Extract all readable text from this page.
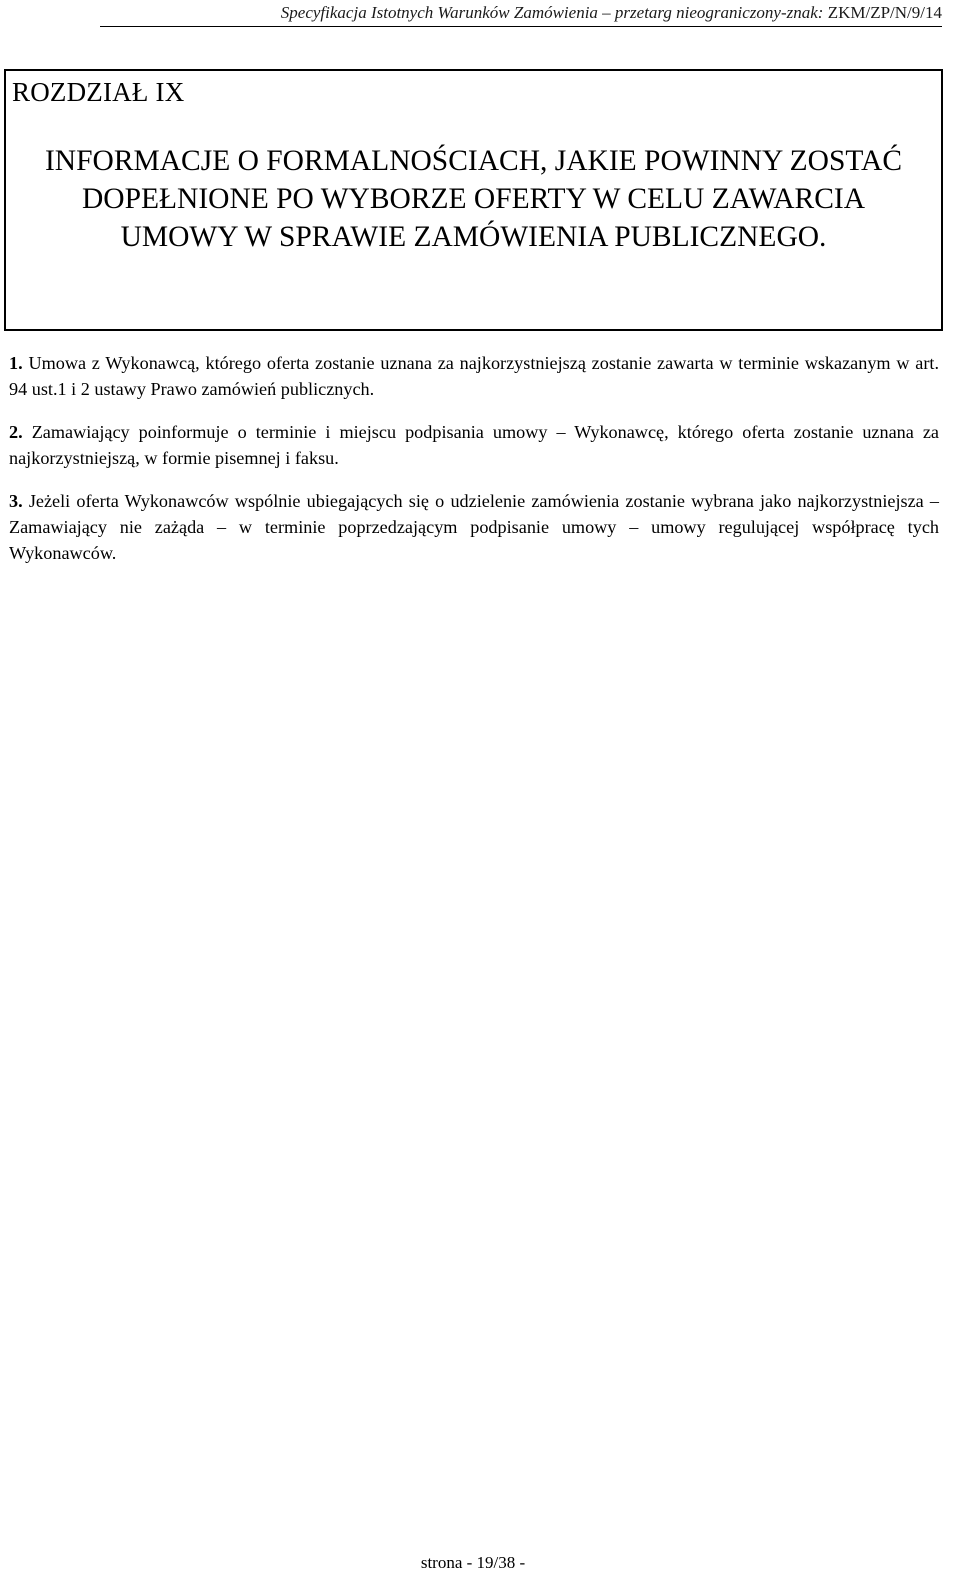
Specyfikacja Istotnych Warunków Zamówienia – przetarg nieograniczony-znak: ZKM/ZP/N/9/14
ROZDZIAŁ IX
INFORMACJE O FORMALNOŚCIACH, JAKIE POWINNY ZOSTAĆ DOPEŁNIONE PO WYBORZE OFERTY W CELU ZAWARCIA UMOWY W SPRAWIE ZAMÓWIENIA PUBLICZNEGO.

1. Umowa z Wykonawcą, którego oferta zostanie uznana za najkorzystniejszą zostanie zawarta w terminie wskazanym w art. 94 ust.1 i 2 ustawy Prawo zamówień publicznych.

2. Zamawiający poinformuje o terminie i miejscu podpisania umowy – Wykonawcę, którego oferta zostanie uznana za najkorzystniejszą, w formie pisemnej i faksu.

3. Jeżeli oferta Wykonawców wspólnie ubiegających się o udzielenie zamówienia zostanie wybrana jako najkorzystniejsza – Zamawiający nie zażąda – w terminie poprzedzającym podpisanie umowy – umowy regulującej współpracę tych Wykonawców.

strona - 19/38 -
